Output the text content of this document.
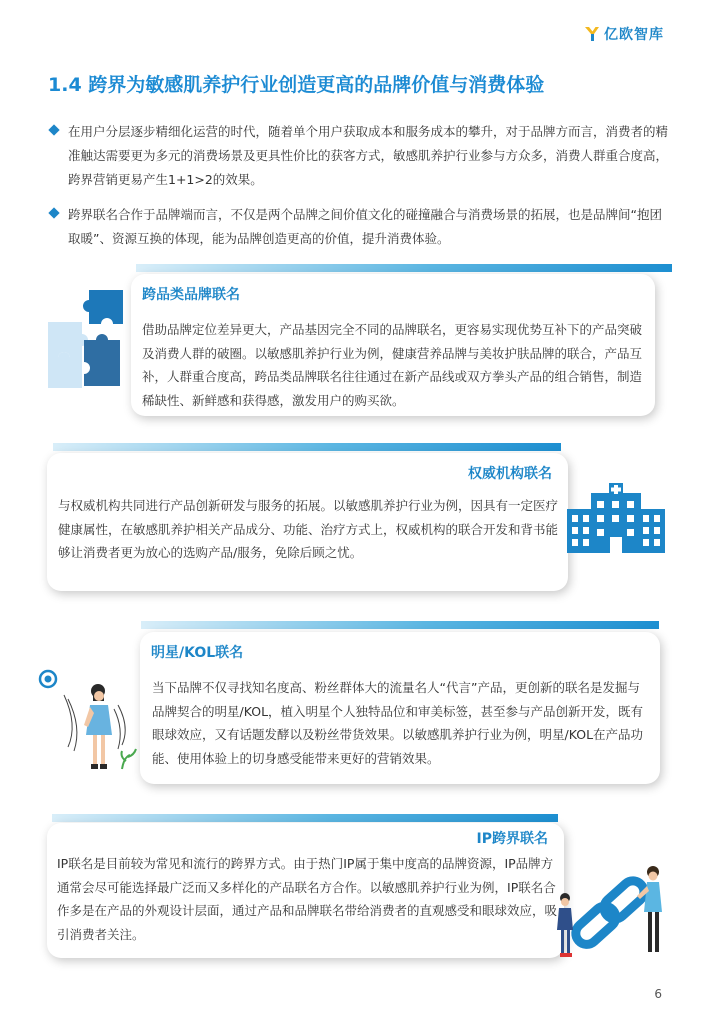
亿欧智库
1.4 跨界为敏感肌养护行业创造更高的品牌价值与消费体验

在用户分层逐步精细化运营的时代，随着单个用户获取成本和服务成本的攀升，对于品牌方而言，消费者的精准触达需要更为多元的消费场景及更具性价比的获客方式，敏感肌养护行业参与方众多，消费人群重合度高，跨界营销更易产生1+1>2的效果。

跨界联名合作于品牌端而言，不仅是两个品牌之间价值文化的碰撞融合与消费场景的拓展，也是品牌间“抱团取暖”、资源互换的体现，能为品牌创造更高的价值，提升消费体验。

跨品类品牌联名

借助品牌定位差异更大，产品基因完全不同的品牌联名，更容易实现优势互补下的产品突破及消费人群的破圈。以敏感肌养护行业为例，健康营养品牌与美妆护肤品牌的联合，产品互补，人群重合度高，跨品类品牌联名往往通过在新产品线或双方拳头产品的组合销售，制造稀缺性、新鲜感和获得感，激发用户的购买欲。

权威机构联名

与权威机构共同进行产品创新研发与服务的拓展。以敏感肌养护行业为例，因具有一定医疗健康属性，在敏感肌养护相关产品成分、功能、治疗方式上，权威机构的联合开发和背书能够让消费者更为放心的选购产品/服务，免除后顾之忧。

明星/KOL联名

当下品牌不仅寻找知名度高、粉丝群体大的流量名人“代言”产品，更创新的联名是发掘与品牌契合的明星/KOL，植入明星个人独特品位和审美标签，甚至参与产品创新开发，既有眼球效应，又有话题发酵以及粉丝带货效果。以敏感肌养护行业为例，明星/KOL在产品功能、使用体验上的切身感受能带来更好的营销效果。

IP跨界联名

IP联名是目前较为常见和流行的跨界方式。由于热门IP属于集中度高的品牌资源，IP品牌方通常会尽可能选择最广泛而又多样化的产品联名方合作。以敏感肌养护行业为例，IP联名合作多是在产品的外观设计层面，通过产品和品牌联名带给消费者的直观感受和眼球效应，吸引消费者关注。

6
